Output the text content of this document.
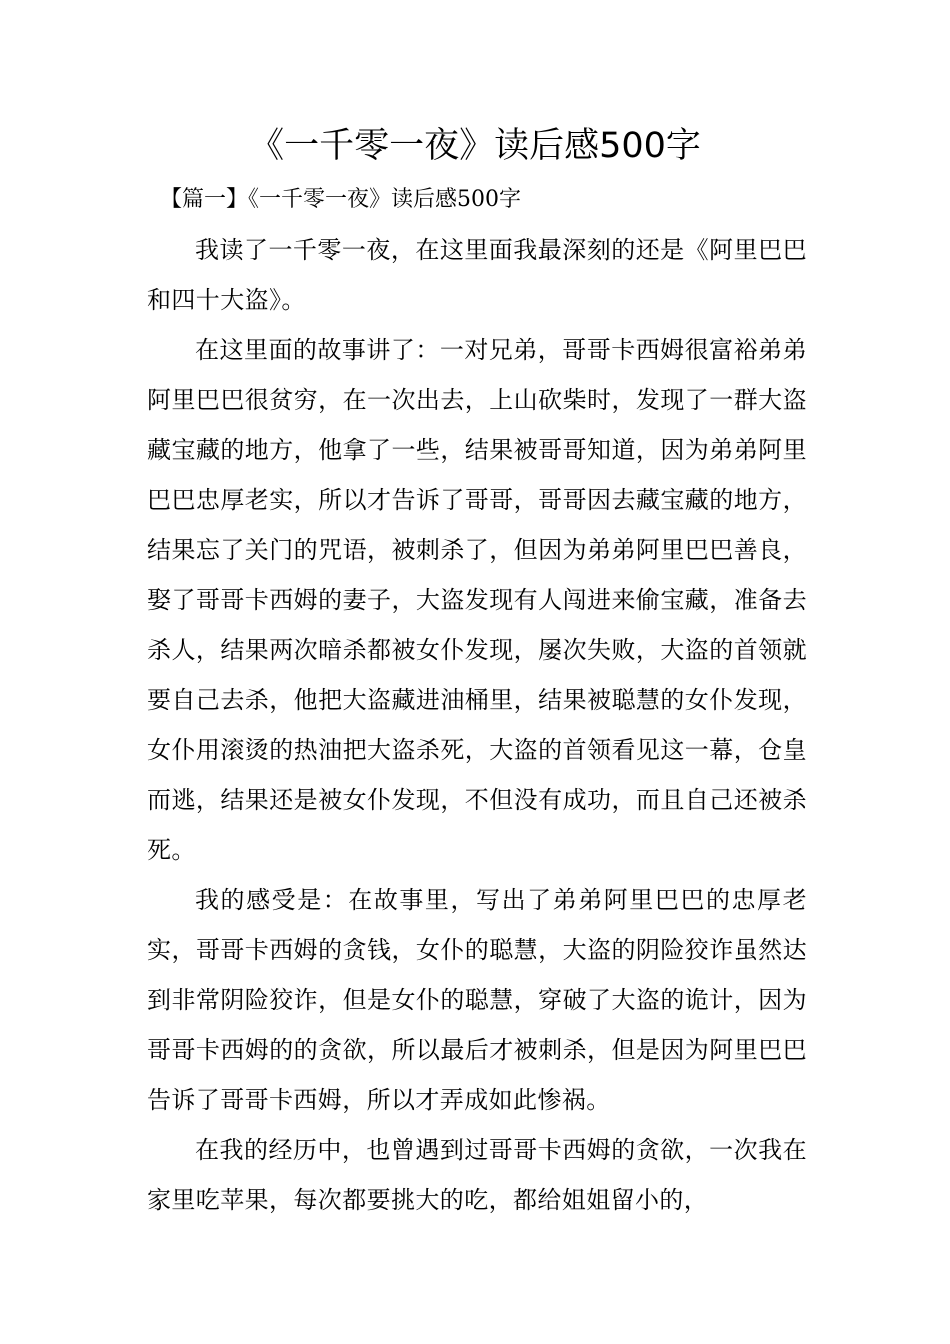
《一千零一夜》读后感500字
【篇一】《一千零一夜》读后感500字

我读了一千零一夜，在这里面我最深刻的还是《阿里巴巴和四十大盗》。

在这里面的故事讲了：一对兄弟，哥哥卡西姆很富裕弟弟阿里巴巴很贫穷，在一次出去，上山砍柴时，发现了一群大盗藏宝藏的地方，他拿了一些，结果被哥哥知道，因为弟弟阿里巴巴忠厚老实，所以才告诉了哥哥，哥哥因去藏宝藏的地方，结果忘了关门的咒语，被刺杀了，但因为弟弟阿里巴巴善良，娶了哥哥卡西姆的妻子，大盗发现有人闯进来偷宝藏，准备去杀人，结果两次暗杀都被女仆发现，屡次失败，大盗的首领就要自己去杀，他把大盗藏进油桶里，结果被聪慧的女仆发现，女仆用滚烫的热油把大盗杀死，大盗的首领看见这一幕，仓皇而逃，结果还是被女仆发现，不但没有成功，而且自己还被杀死。

我的感受是：在故事里，写出了弟弟阿里巴巴的忠厚老实，哥哥卡西姆的贪钱，女仆的聪慧，大盗的阴险狡诈虽然达到非常阴险狡诈，但是女仆的聪慧，穿破了大盗的诡计，因为哥哥卡西姆的的贪欲，所以最后才被刺杀，但是因为阿里巴巴告诉了哥哥卡西姆，所以才弄成如此惨祸。

在我的经历中，也曾遇到过哥哥卡西姆的贪欲，一次我在家里吃苹果，每次都要挑大的吃，都给姐姐留小的，
